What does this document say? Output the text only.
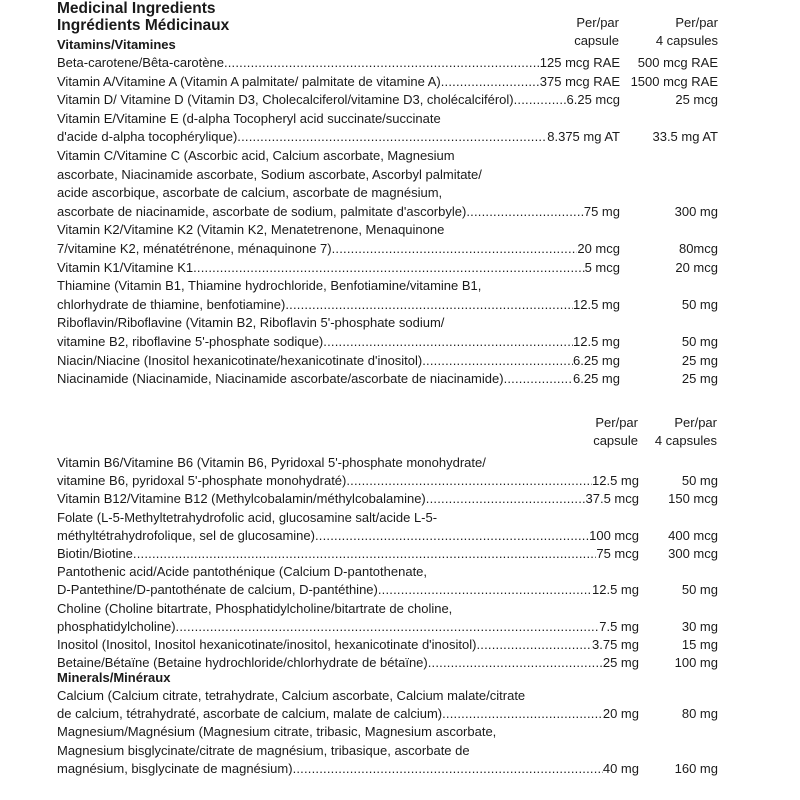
Medicinal Ingredients
Ingrédients Médicinaux
Vitamins/Vitamines
Per/par
capsule
Per/par
4 capsules
Beta-carotene/Bêta-carotène .....	125 mcg RAE 500 mcg RAE
Vitamin A/Vitamine A (Vitamin A palmitate/ palmitate de vitamine A) .....	375 mcg RAE 1500 mcg RAE
Vitamin D/ Vitamine D (Vitamin D3, Cholecalciferol/vitamine D3, cholécalciférol) .....	6.25 mcg	25 mcg
Vitamin E/Vitamine E (d-alpha Tocopheryl acid succinate/succinate
d'acide d-alpha tocophérylique) .....	8.375 mg AT 33.5 mg AT
Vitamin C/Vitamine C (Ascorbic acid, Calcium ascorbate, Magnesium
ascorbate, Niacinamide ascorbate, Sodium ascorbate, Ascorbyl palmitate/
acide ascorbique, ascorbate de calcium, ascorbate de magnésium,
ascorbate de niacinamide, ascorbate de sodium, palmitate d'ascorbyle) .....	75 mg	300 mg
Vitamin K2/Vitamine K2 (Vitamin K2, Menatetrenone, Menaquinone
7/vitamine K2, ménatétrénone, ménaquinone 7) .....	20 mcg	80mcg
Vitamin K1/Vitamine K1 .....	5 mcg	20 mcg
Thiamine (Vitamin B1, Thiamine hydrochloride, Benfotiamine/vitamine B1,
chlorhydrate de thiamine, benfotiamine) .....	12.5 mg	50 mg
Riboflavin/Riboflavine (Vitamin B2, Riboflavin 5'-phosphate sodium/
vitamine B2, riboflavine 5'-phosphate sodique) .....	12.5 mg	50 mg
Niacin/Niacine (Inositol hexanicotinate/hexanicotinate d'inositol) .....	6.25 mg	25 mg
Niacinamide (Niacinamide, Niacinamide ascorbate/ascorbate de niacinamide) .....	6.25 mg	25 mg
Per/par
capsule
Per/par
4 capsules
Vitamin B6/Vitamine B6 (Vitamin B6, Pyridoxal 5'-phosphate monohydrate/
vitamine B6, pyridoxal 5'-phosphate monohydraté) .....	12.5 mg	50 mg
Vitamin B12/Vitamine B12 (Methylcobalamin/méthylcobalamine) .....	37.5 mcg 150 mcg
Folate (L-5-Methyltetrahydrofolic acid, glucosamine salt/acide L-5-
méthyltétrahydrofolique, sel de glucosamine) .....	100 mcg 400 mcg
Biotin/Biotine .....	75 mcg 300 mcg
Pantothenic acid/Acide pantothénique (Calcium D-pantothenate,
D-Pantethine/D-pantothénate de calcium, D-pantéthine) .....	12.5 mg	50 mg
Choline (Choline bitartrate, Phosphatidylcholine/bitartrate de choline,
phosphatidylcholine) .....	7.5 mg	30 mg
Inositol (Inositol, Inositol hexanicotinate/inositol, hexanicotinate d'inositol) .....	3.75 mg	15 mg
Betaine/Bétaïne (Betaine hydrochloride/chlorhydrate de bétaïne) .....	25 mg	100 mg
Minerals/Minéraux
Calcium (Calcium citrate, tetrahydrate, Calcium ascorbate, Calcium malate/citrate
de calcium, tétrahydraté, ascorbate de calcium, malate de calcium) .....	20 mg	80 mg
Magnesium/Magnésium (Magnesium citrate, tribasic, Magnesium ascorbate,
Magnesium bisglycinate/citrate de magnésium, tribasique, ascorbate de
magnésium, bisglycinate de magnésium) .....	40 mg	160 mg
